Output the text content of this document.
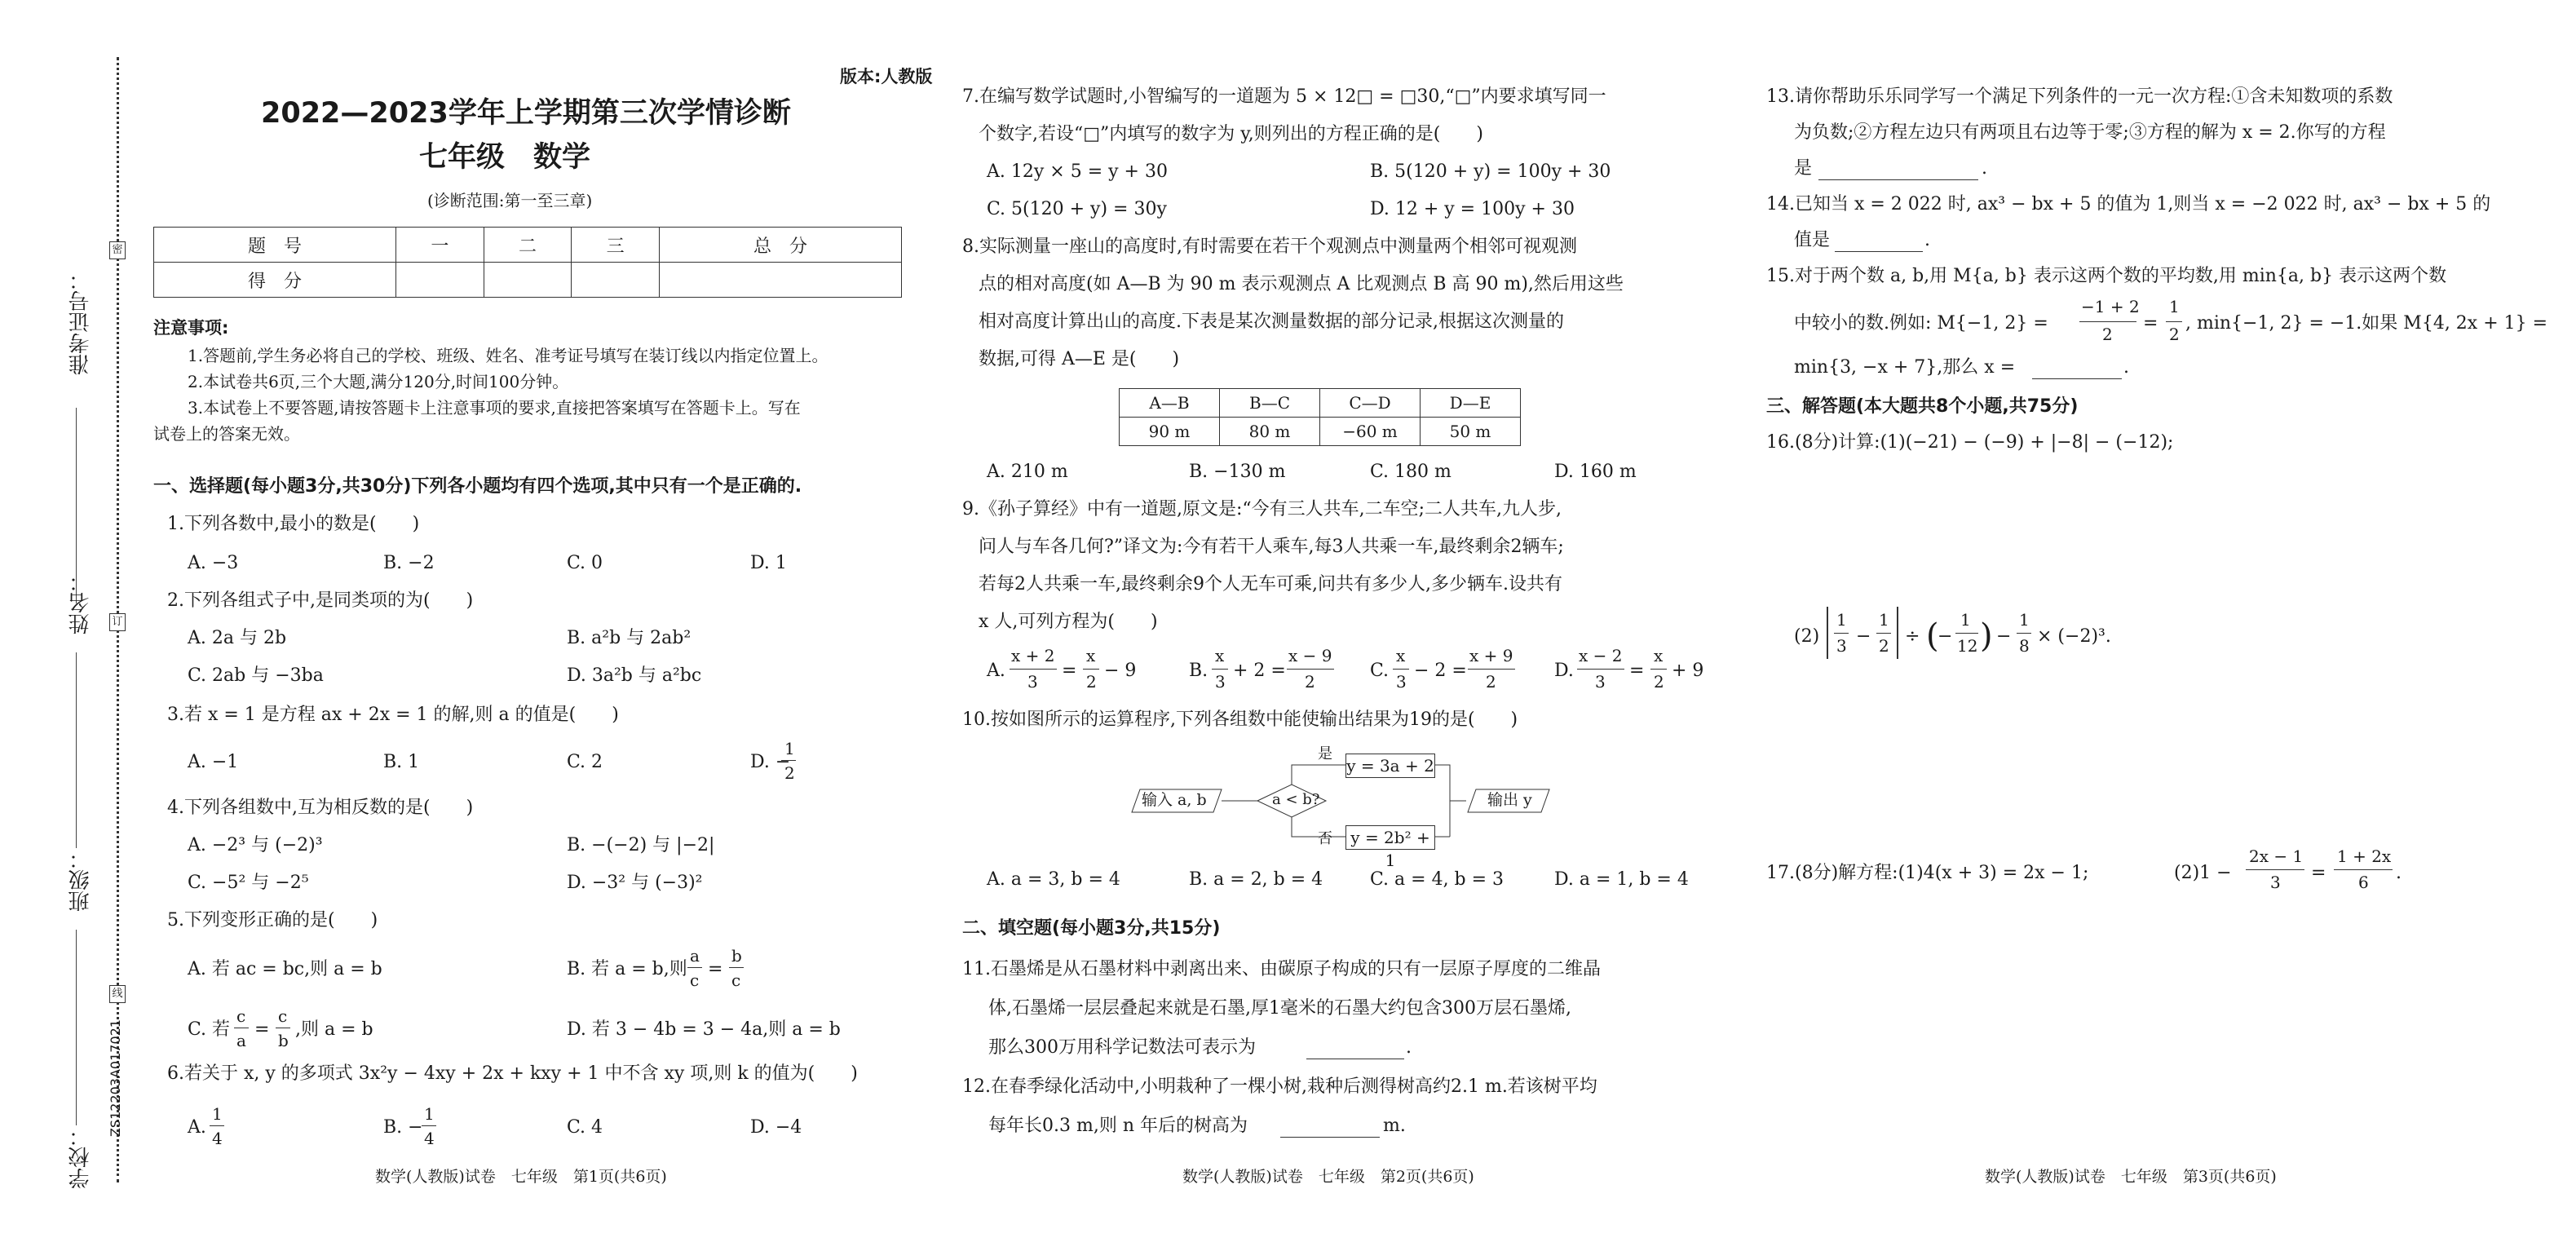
准考证号：
姓名：
班级：
学校：
密
订
线
ZS12203A017021
版本:人教版
2022—2023学年上学期第三次学情诊断
七年级　数学
(诊断范围:第一至三章)
题　号	一	二	三	总　分
得　分				
注意事项:
1.答题前,学生务必将自己的学校、班级、姓名、准考证号填写在装订线以内指定位置上。
2.本试卷共6页,三个大题,满分120分,时间100分钟。
3.本试卷上不要答题,请按答题卡上注意事项的要求,直接把答案填写在答题卡上。写在
试卷上的答案无效。
一、选择题(每小题3分,共30分)下列各小题均有四个选项,其中只有一个是正确的.
1.下列各数中,最小的数是(　　)
A. −3	B. −2	C. 0	D. 1
2.下列各组式子中,是同类项的为(　　)
A. 2a 与 2b	B. a²b 与 2ab²
C. 2ab 与 −3ba	D. 3a²b 与 a²bc
3.若 x = 1 是方程 ax + 2x = 1 的解,则 a 的值是(　　)
A. −1	B. 1	C. 2	D. −
1
2
4.下列各组数中,互为相反数的是(　　)
A. −2³ 与 (−2)³	B. −(−2) 与 |−2|
C. −5² 与 −2⁵	D. −3² 与 (−3)²
5.下列变形正确的是(　　)
A. 若 ac = bc,则 a = b	B. 若 a = b,则
a
c
=
b
c
C. 若
c
a
=
c
b
,则 a = b	D. 若 3 − 4b = 3 − 4a,则 a = b
6.若关于 x, y 的多项式 3x²y − 4xy + 2x + kxy + 1 中不含 xy 项,则 k 的值为(　　)
A.
1
4
B. −
1
4
C. 4	D. −4
数学(人教版)试卷　七年级　第1页(共6页)
7.在编写数学试题时,小智编写的一道题为 5 × 12□ = □30,“□”内要求填写同一
个数字,若设“□”内填写的数字为 y,则列出的方程正确的是(　　)
A. 12y × 5 = y + 30	B. 5(120 + y) = 100y + 30
C. 5(120 + y) = 30y	D. 12 + y = 100y + 30
8.实际测量一座山的高度时,有时需要在若干个观测点中测量两个相邻可视观测
点的相对高度(如 A—B 为 90 m 表示观测点 A 比观测点 B 高 90 m),然后用这些
相对高度计算出山的高度.下表是某次测量数据的部分记录,根据这次测量的
数据,可得 A—E 是(　　)
A—B	B—C	C—D	D—E
90 m	80 m	−60 m	50 m
A. 210 m	B. −130 m	C. 180 m	D. 160 m
9.《孙子算经》中有一道题,原文是:“今有三人共车,二车空;二人共车,九人步,
问人与车各几何?”译文为:今有若干人乘车,每3人共乘一车,最终剩余2辆车;
若每2人共乘一车,最终剩余9个人无车可乘,问共有多少人,多少辆车.设共有
x 人,可列方程为(　　)
A.
x + 2
3
=
x
2
− 9	B.
x
3
+ 2 =
x − 9
2
C.
x
3
− 2 =
x + 9
2
D.
x − 2
3
=
x
2
+ 9
10.按如图所示的运算程序,下列各组数中能使输出结果为19的是(　　)
输入 a, b	a < b?
是
否
y = 3a + 2
y = 2b² + 1
输出 y
A. a = 3, b = 4	B. a = 2, b = 4	C. a = 4, b = 3	D. a = 1, b = 4
二、填空题(每小题3分,共15分)
11.石墨烯是从石墨材料中剥离出来、由碳原子构成的只有一层原子厚度的二维晶
体,石墨烯一层层叠起来就是石墨,厚1毫米的石墨大约包含300万层石墨烯,
那么300万用科学记数法可表示为	.
12.在春季绿化活动中,小明栽种了一棵小树,栽种后测得树高约2.1 m.若该树平均
每年长0.3 m,则 n 年后的树高为	m.
数学(人教版)试卷　七年级　第2页(共6页)
13.请你帮助乐乐同学写一个满足下列条件的一元一次方程:①含未知数项的系数
为负数;②方程左边只有两项且右边等于零;③方程的解为 x = 2.你写的方程
是	.
14.已知当 x = 2 022 时, ax³ − bx + 5 的值为 1,则当 x = −2 022 时, ax³ − bx + 5 的
值是	.
15.对于两个数 a, b,用 M{a, b} 表示这两个数的平均数,用 min{a, b} 表示这两个数
中较小的数.例如: M{−1, 2} =
−1 + 2
2
=
1
2
, min{−1, 2} = −1.如果 M{4, 2x + 1} =
min{3, −x + 7},那么 x =	.
三、解答题(本大题共8个小题,共75分)
16.(8分)计算:(1)(−21) − (−9) + |−8| − (−12);
(2)
1
3 −
1
2 ÷ (
−
1
12 ) −
1
8 × (−2)³.
17.(8分)解方程:(1)4(x + 3) = 2x − 1;	(2)1 −
2x − 1
3 =
1 + 2x
6 .
数学(人教版)试卷　七年级　第3页(共6页)
